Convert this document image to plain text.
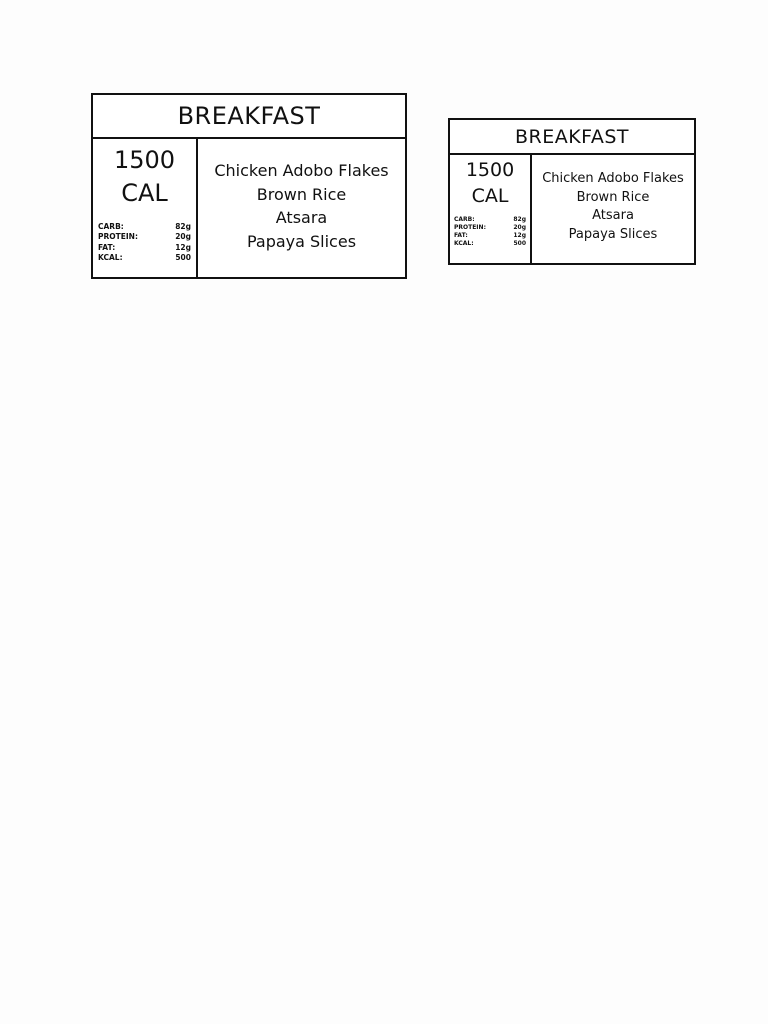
BREAKFAST
1500
CAL
CARB:	82g
PROTEIN:	20g
FAT:	12g
KCAL:	500
Chicken Adobo Flakes
Brown Rice
Atsara
Papaya Slices
BREAKFAST
1500
CAL
CARB:	82g
PROTEIN:	20g
FAT:	12g
KCAL:	500
Chicken Adobo Flakes
Brown Rice
Atsara
Papaya Slices
